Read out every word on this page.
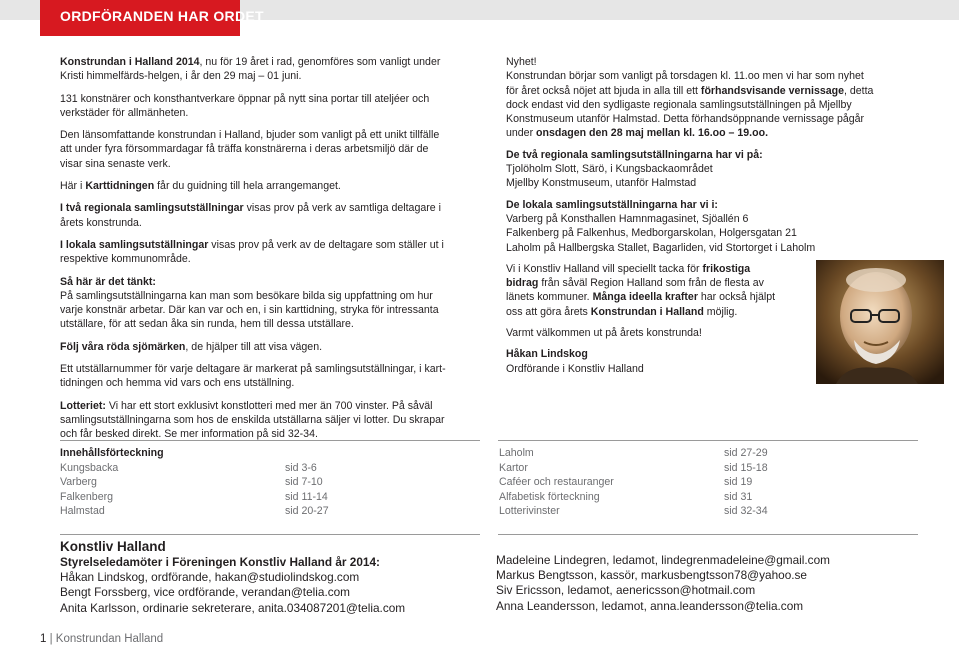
ORDFÖRANDEN HAR ORDET

Konstrundan i Halland 2014, nu för 19 året i rad, genomföres som vanligt under
Kristi himmelfärds-helgen, i år den 29 maj – 01 juni.

131 konstnärer och konsthantverkare öppnar på nytt sina portar till ateljéer och
verkstäder för allmänheten.

Den länsomfattande konstrundan i Halland, bjuder som vanligt på ett unikt tillfälle
att under fyra försommardagar få träffa konstnärerna i deras arbetsmiljö där de
visar sina senaste verk.

Här i Karttidningen får du guidning till hela arrangemanget.

I två regionala samlingsutställningar visas prov på verk av samtliga deltagare i
årets konstrunda.

I lokala samlingsutställningar visas prov på verk av de deltagare som ställer ut i
respektive kommunområde.

Så här är det tänkt:
På samlingsutställningarna kan man som besökare bilda sig uppfattning om hur
varje konstnär arbetar. Där kan var och en, i sin karttidning, stryka för intressanta
utställare, för att sedan åka sin runda, hem till dessa utställare.

Följ våra röda sjömärken, de hjälper till att visa vägen.

Ett utställarnummer för varje deltagare är markerat på samlingsutställningar, i kart-
tidningen och hemma vid vars och ens utställning.

Lotteriet: Vi har ett stort exklusivt konstlotteri med mer än 700 vinster. På såväl
samlingsutställningarna som hos de enskilda utställarna säljer vi lotter. Du skrapar
och får besked direkt. Se mer information på sid 32-34.

Nyhet!
Konstrundan börjar som vanligt på torsdagen kl. 11.oo men vi har som nyhet
för året också nöjet att bjuda in alla till ett förhandsvisande vernissage, detta
dock endast vid den sydligaste regionala samlingsutställningen på Mjellby
Konstmuseum utanför Halmstad. Detta förhandsöppnande vernissage pågår
under onsdagen den 28 maj mellan kl. 16.oo – 19.oo.

De två regionala samlingsutställningarna har vi på:
Tjolöholm Slott, Särö, i Kungsbackaområdet
Mjellby Konstmuseum, utanför Halmstad

De lokala samlingsutställningarna har vi i:
Varberg på Konsthallen Hamnmagasinet, Sjöallén 6
Falkenberg på Falkenhus, Medborgarskolan, Holgersgatan 21
Laholm på Hallbergska Stallet, Bagarliden, vid Stortorget i Laholm

Vi i Konstliv Halland vill speciellt tacka för frikostiga
bidrag från såväl Region Halland som från de flesta av
länets kommuner. Många ideella krafter har också hjälpt
oss att göra årets Konstrundan i Halland möjlig.

Varmt välkommen ut på årets konstrunda!

Håkan Lindskog
Ordförande i Konstliv Halland

Innehållsförteckning
Kungsbacka	sid 3-6
Varberg	sid 7-10
Falkenberg	sid 11-14
Halmstad	sid 20-27
Laholm	sid 27-29
Kartor	sid 15-18
Caféer och restauranger	sid 19
Alfabetisk förteckning	sid 31
Lotterivinster	sid 32-34
Konstliv Halland
Styrelseledamöter i Föreningen Konstliv Halland år 2014:
Håkan Lindskog, ordförande, hakan@studiolindskog.com
Bengt Forssberg, vice ordförande, verandan@telia.com
Anita Karlsson, ordinarie sekreterare, anita.034087201@telia.com
Madeleine Lindegren, ledamot, lindegrenmadeleine@gmail.com
Markus Bengtsson, kassör, markusbengtsson78@yahoo.se
Siv Ericsson, ledamot, aenericsson@hotmail.com
Anna Leandersson, ledamot, anna.leandersson@telia.com
1 | Konstrundan Halland
